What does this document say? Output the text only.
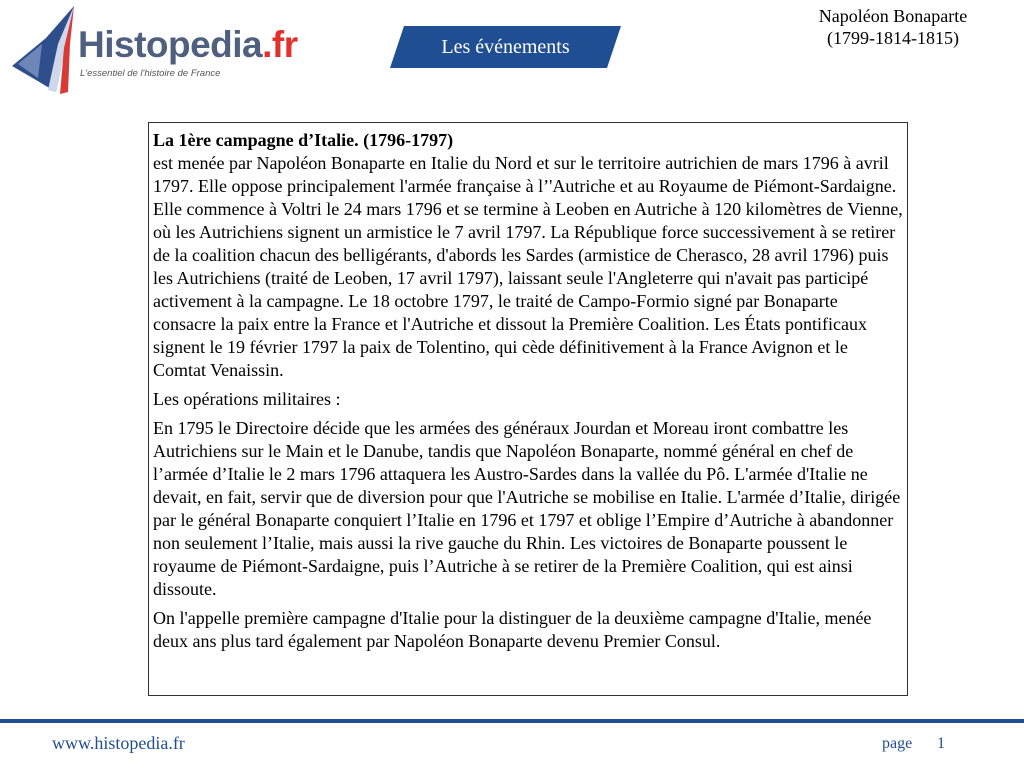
Histopedia.fr
L'essentiel de l'histoire de France
Les événements
Napoléon Bonaparte
(1799-1814-1815)

La 1ère campagne d’Italie. (1796-1797)
est menée par Napoléon Bonaparte en Italie du Nord et sur le territoire autrichien de mars 1796 à avril 1797. Elle oppose principalement l'armée française à l’'Autriche et au Royaume de Piémont-Sardaigne. Elle commence à Voltri le 24 mars 1796 et se termine à Leoben en Autriche à 120 kilomètres de Vienne, où les Autrichiens signent un armistice le 7 avril 1797. La République force successivement à se retirer de la coalition chacun des belligérants, d'abords les Sardes (armistice de Cherasco, 28 avril 1796) puis les Autrichiens (traité de Leoben, 17 avril 1797), laissant seule l'Angleterre qui n'avait pas participé activement à la campagne. Le 18 octobre 1797, le traité de Campo-Formio signé par Bonaparte consacre la paix entre la France et l'Autriche et dissout la Première Coalition. Les États pontificaux signent le 19 février 1797 la paix de Tolentino, qui cède définitivement à la France Avignon et le Comtat Venaissin.

Les opérations militaires :

En 1795 le Directoire décide que les armées des généraux Jourdan et Moreau iront combattre les Autrichiens sur le Main et le Danube, tandis que Napoléon Bonaparte, nommé général en chef de l’armée d’Italie le 2 mars 1796 attaquera les Austro-Sardes dans la vallée du Pô. L'armée d'Italie ne devait, en fait, servir que de diversion pour que l'Autriche se mobilise en Italie. L'armée d’Italie, dirigée par le général Bonaparte conquiert l’Italie en 1796 et 1797 et oblige l’Empire d’Autriche à abandonner non seulement l’Italie, mais aussi la rive gauche du Rhin. Les victoires de Bonaparte poussent le royaume de Piémont-Sardaigne, puis l’Autriche à se retirer de la Première Coalition, qui est ainsi dissoute.

On l'appelle première campagne d'Italie pour la distinguer de la deuxième campagne d'Italie, menée deux ans plus tard également par Napoléon Bonaparte devenu Premier Consul.

www.histopedia.fr	page 1
